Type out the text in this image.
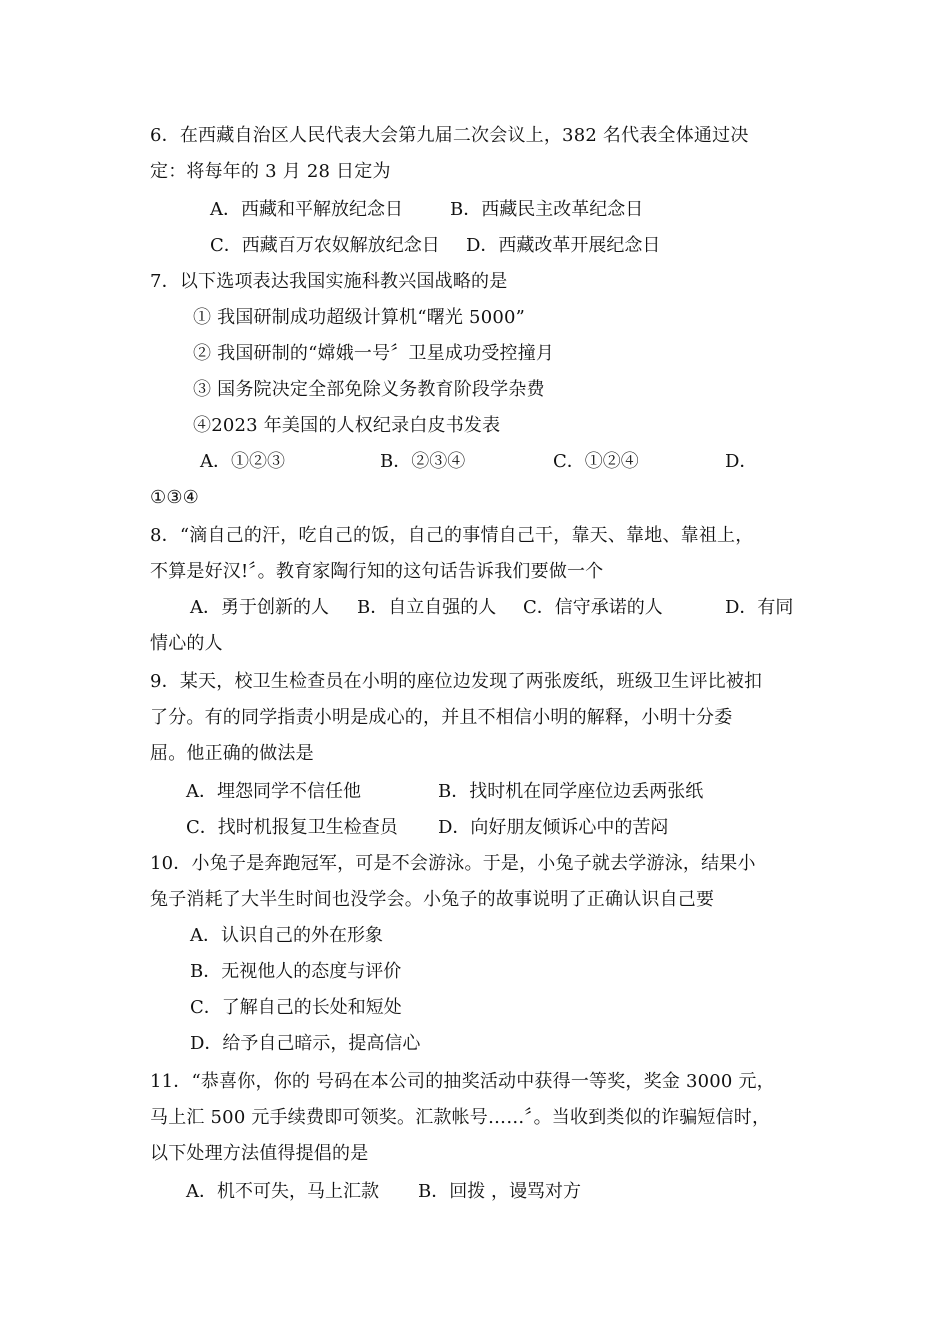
6．在西藏自治区人民代表大会第九届二次会议上，382 名代表全体通过决
定：将每年的 3 月 28 日定为
A．西藏和平解放纪念日	B．西藏民主改革纪念日
C．西藏百万农奴解放纪念日 D．西藏改革开展纪念日
7．以下选项表达我国实施科教兴国战略的是
① 我国研制成功超级计算机“曙光 5000”
② 我国研制的“嫦娥一号〞卫星成功受控撞月
③ 国务院决定全部免除义务教育阶段学杂费
④2023 年美国的人权纪录白皮书发表
A．①②③	B．②③④	C．①②④	D．
①③④
8．“滴自己的汗，吃自己的饭，自己的事情自己干，靠天、靠地、靠祖上，
不算是好汉!〞。教育家陶行知的这句话告诉我们要做一个
A．勇于创新的人 B．自立自强的人 C．信守承诺的人	D．有同
情心的人
9．某天，校卫生检查员在小明的座位边发现了两张废纸，班级卫生评比被扣
了分。有的同学指责小明是成心的，并且不相信小明的解释，小明十分委
屈。他正确的做法是
A．埋怨同学不信任他	B．找时机在同学座位边丢两张纸
C．找时机报复卫生检查员 D．向好朋友倾诉心中的苦闷
10．小兔子是奔跑冠军，可是不会游泳。于是，小兔子就去学游泳，结果小
兔子消耗了大半生时间也没学会。小兔子的故事说明了正确认识自己要
A．认识自己的外在形象
B．无视他人的态度与评价
C．了解自己的长处和短处
D．给予自己暗示，提高信心
11．“恭喜你，你的 号码在本公司的抽奖活动中获得一等奖，奖金 3000 元，
马上汇 500 元手续费即可领奖。汇款帐号……〞。当收到类似的诈骗短信时，
以下处理方法值得提倡的是
A．机不可失，马上汇款 B．回拨 ，谩骂对方
